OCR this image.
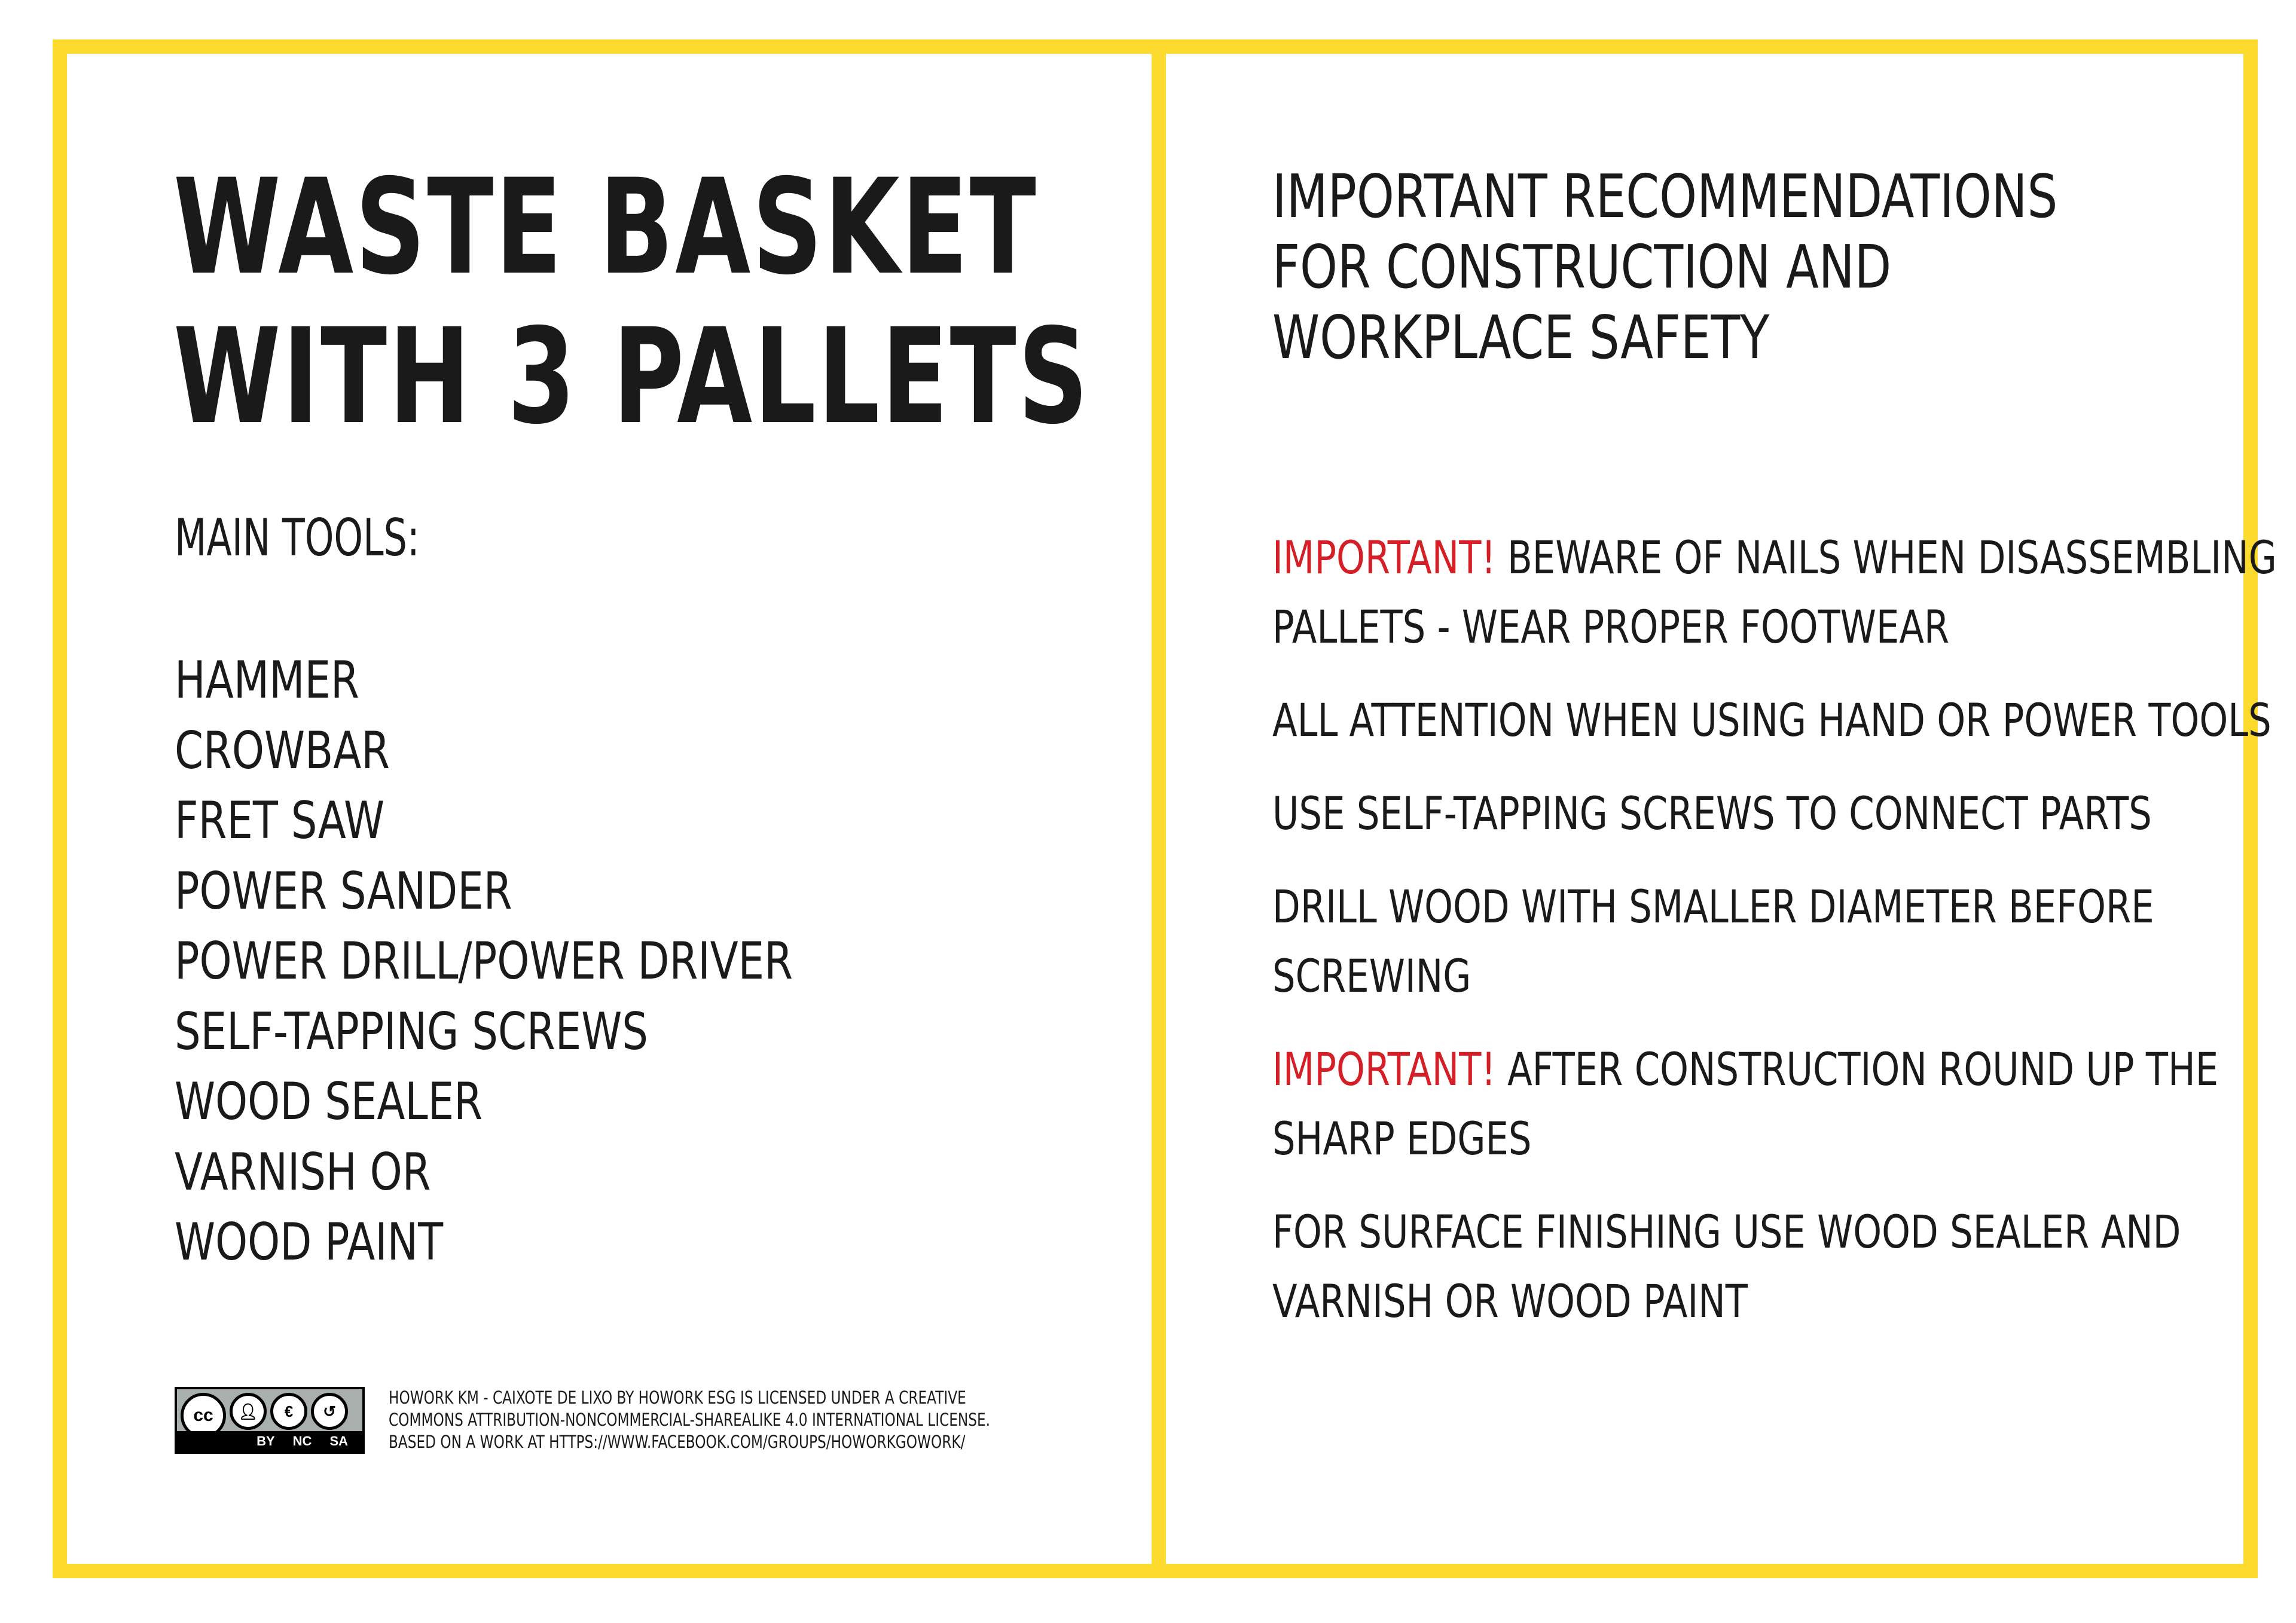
WASTE BASKET
WITH 3 PALLETS
MAIN TOOLS:
HAMMER
CROWBAR
FRET SAW
POWER SANDER
POWER DRILL/POWER DRIVER
SELF-TAPPING SCREWS
WOOD SEALER
VARNISH OR
WOOD PAINT
cc	👤︎	€	↺
BY NC SA
HOWORK KM - CAIXOTE DE LIXO BY HOWORK ESG IS LICENSED UNDER A CREATIVE
COMMONS ATTRIBUTION-NONCOMMERCIAL-SHAREALIKE 4.0 INTERNATIONAL LICENSE.
BASED ON A WORK AT HTTPS://WWW.FACEBOOK.COM/GROUPS/HOWORKGOWORK/
IMPORTANT RECOMMENDATIONS
FOR CONSTRUCTION AND
WORKPLACE SAFETY
IMPORTANT! BEWARE OF NAILS WHEN DISASSEMBLING
PALLETS - WEAR PROPER FOOTWEAR
ALL ATTENTION WHEN USING HAND OR POWER TOOLS
USE SELF-TAPPING SCREWS TO CONNECT PARTS
DRILL WOOD WITH SMALLER DIAMETER BEFORE
SCREWING
IMPORTANT! AFTER CONSTRUCTION ROUND UP THE
SHARP EDGES
FOR SURFACE FINISHING USE WOOD SEALER AND
VARNISH OR WOOD PAINT
